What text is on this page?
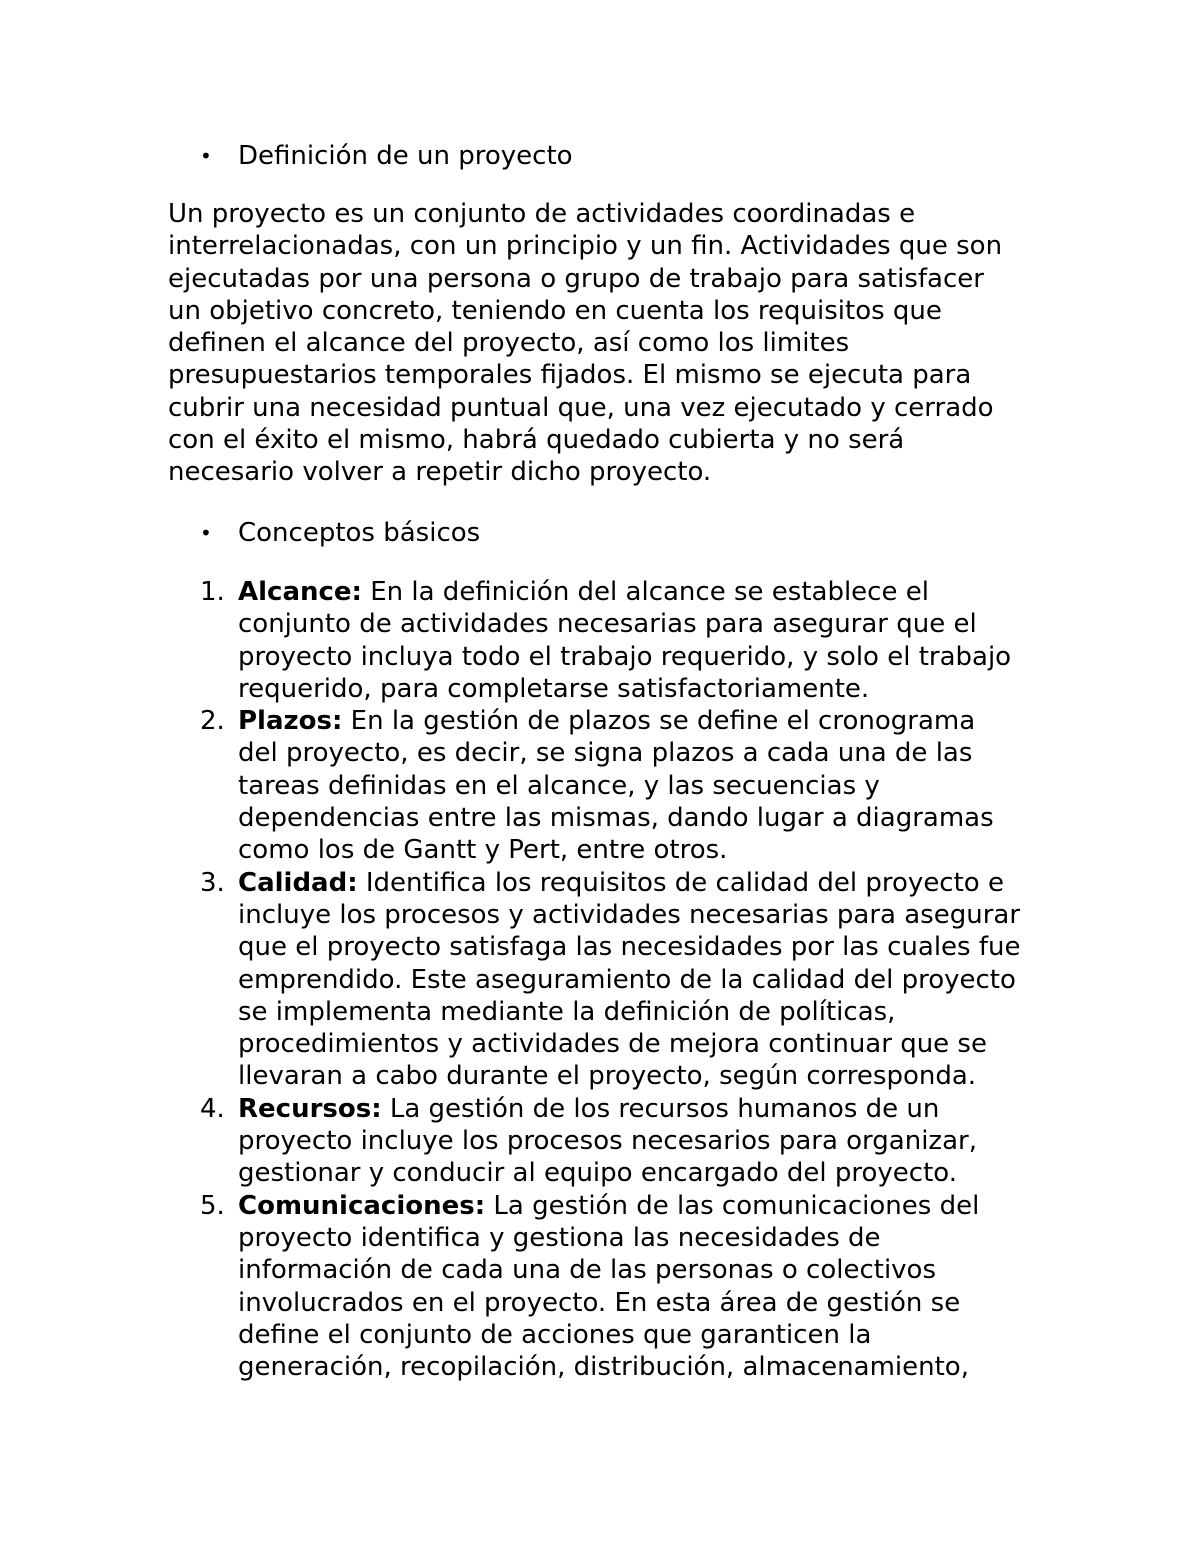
• Definición de un proyecto
Un proyecto es un conjunto de actividades coordinadas e
interrelacionadas, con un principio y un fin. Actividades que son
ejecutadas por una persona o grupo de trabajo para satisfacer
un objetivo concreto, teniendo en cuenta los requisitos que
definen el alcance del proyecto, así como los limites
presupuestarios temporales fijados. El mismo se ejecuta para
cubrir una necesidad puntual que, una vez ejecutado y cerrado
con el éxito el mismo, habrá quedado cubierta y no será
necesario volver a repetir dicho proyecto.
• Conceptos básicos
1. Alcance: En la definición del alcance se establece el
conjunto de actividades necesarias para asegurar que el
proyecto incluya todo el trabajo requerido, y solo el trabajo
requerido, para completarse satisfactoriamente.
2. Plazos: En la gestión de plazos se define el cronograma
del proyecto, es decir, se signa plazos a cada una de las
tareas definidas en el alcance, y las secuencias y
dependencias entre las mismas, dando lugar a diagramas
como los de Gantt y Pert, entre otros.
3. Calidad: Identifica los requisitos de calidad del proyecto e
incluye los procesos y actividades necesarias para asegurar
que el proyecto satisfaga las necesidades por las cuales fue
emprendido. Este aseguramiento de la calidad del proyecto
se implementa mediante la definición de políticas,
procedimientos y actividades de mejora continuar que se
llevaran a cabo durante el proyecto, según corresponda.
4. Recursos: La gestión de los recursos humanos de un
proyecto incluye los procesos necesarios para organizar,
gestionar y conducir al equipo encargado del proyecto.
5. Comunicaciones: La gestión de las comunicaciones del
proyecto identifica y gestiona las necesidades de
información de cada una de las personas o colectivos
involucrados en el proyecto. En esta área de gestión se
define el conjunto de acciones que garanticen la
generación, recopilación, distribución, almacenamiento,
